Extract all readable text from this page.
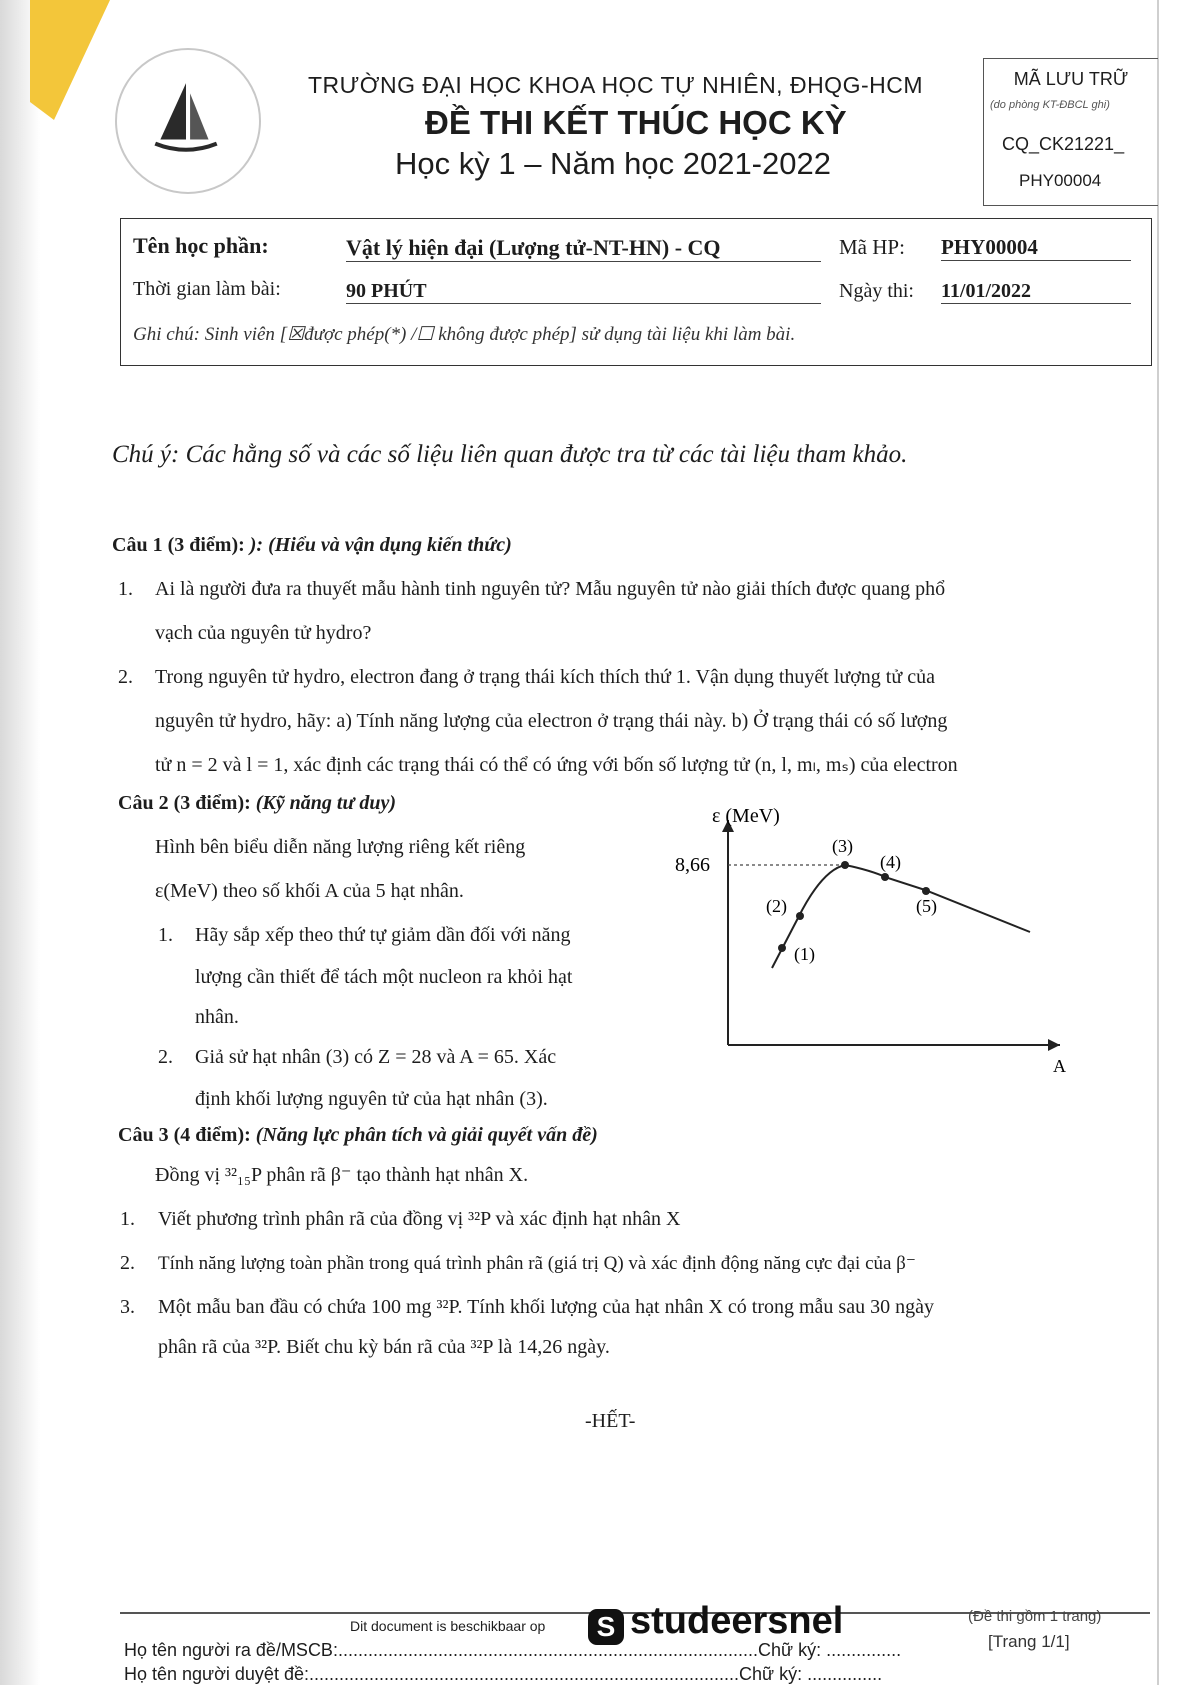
TRƯỜNG ĐẠI HỌC KHOA HỌC TỰ NHIÊN, ĐHQG-HCM
ĐỀ THI KẾT THÚC HỌC KỲ
Học kỳ 1 – Năm học 2021-2022
MÃ LƯU TRỮ
(do phòng KT-ĐBCL ghi)
CQ_CK21221_
PHY00004
Tên học phần:	Vật lý hiện đại (Lượng tử-NT-HN) - CQ	Mã HP: PHY00004
Thời gian làm bài:	90 PHÚT	Ngày thi: 11/01/2022
Ghi chú: Sinh viên [☒được phép(*) /☐ không được phép] sử dụng tài liệu khi làm bài.
Chú ý: Các hằng số và các số liệu liên quan được tra từ các tài liệu tham khảo.
Câu 1 (3 điểm): ): (Hiểu và vận dụng kiến thức)
1. Ai là người đưa ra thuyết mẫu hành tinh nguyên tử? Mẫu nguyên tử nào giải thích được quang phổ
vạch của nguyên tử hydro?
2. Trong nguyên tử hydro, electron đang ở trạng thái kích thích thứ 1. Vận dụng thuyết lượng tử của
nguyên tử hydro, hãy: a) Tính năng lượng của electron ở trạng thái này. b) Ở trạng thái có số lượng
tử n = 2 và l = 1, xác định các trạng thái có thể có ứng với bốn số lượng tử (n, l, mₗ, mₛ) của electron
Câu 2 (3 điểm): (Kỹ năng tư duy)
Hình bên biểu diễn năng lượng riêng kết riêng
ε(MeV) theo số khối A của 5 hạt nhân.
1. Hãy sắp xếp theo thứ tự giảm dần đối với năng
lượng cần thiết để tách một nucleon ra khỏi hạt
nhân.
2. Giả sử hạt nhân (3) có Z = 28 và A = 65. Xác
định khối lượng nguyên tử của hạt nhân (3).
ε (MeV)
A
8,66
(1)
(2)
(3)
(4)
(5)
Câu 3 (4 điểm): (Năng lực phân tích và giải quyết vấn đề)
Đồng vị ³²₁₅P phân rã β⁻ tạo thành hạt nhân X.
1. Viết phương trình phân rã của đồng vị ³²P và xác định hạt nhân X
2. Tính năng lượng toàn phần trong quá trình phân rã (giá trị Q) và xác định động năng cực đại của β⁻
3. Một mẫu ban đầu có chứa 100 mg ³²P. Tính khối lượng của hạt nhân X có trong mẫu sau 30 ngày
phân rã của ³²P. Biết chu kỳ bán rã của ³²P là 14,26 ngày.
-HẾT-
Dit document is beschikbaar op	S studeersnel	(Đề thi gồm 1 trang)
[Trang 1/1]
Họ tên người ra đề/MSCB:....................................................................................Chữ ký: ...............
Họ tên người duyệt đề:......................................................................................Chữ ký: ...............
